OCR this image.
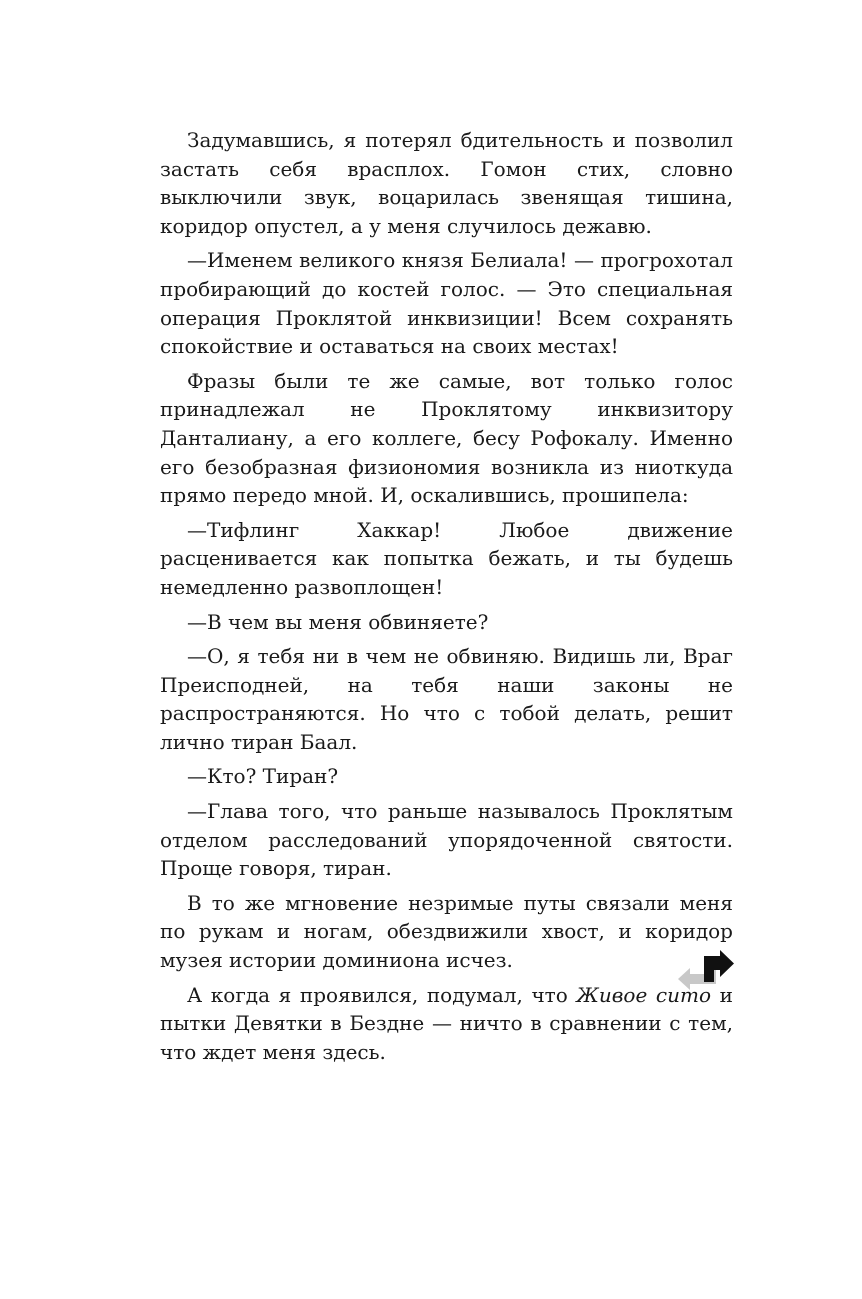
Задумавшись, я потерял бдительность и позволил застать себя врасплох. Гомон стих, словно выключили звук, воцарилась звенящая тишина, коридор опустел, а у меня случилось дежавю.

—Именем великого князя Белиала! — прогрохотал пробирающий до костей голос. — Это специальная операция Проклятой инквизиции! Всем сохранять спокойствие и оставаться на своих местах!

Фразы были те же самые, вот только голос принадлежал не Проклятому инквизитору Данталиану, а его коллеге, бесу Рофокалу. Именно его безобразная физиономия возникла из ниоткуда прямо передо мной. И, оскалившись, прошипела:

—Тифлинг Хаккар! Любое движение расценивается как попытка бежать, и ты будешь немедленно развоплощен!

—В чем вы меня обвиняете?

—О, я тебя ни в чем не обвиняю. Видишь ли, Враг Преисподней, на тебя наши законы не распространяются. Но что с тобой делать, решит лично тиран Баал.

—Кто? Тиран?

—Глава того, что раньше называлось Проклятым отделом расследований упорядоченной святости. Проще говоря, тиран.

В то же мгновение незримые путы связали меня по рукам и ногам, обездвижили хвост, и коридор музея истории доминиона исчез.

А когда я проявился, подумал, что Живое сито и пытки Девятки в Бездне — ничто в сравнении с тем, что ждет меня здесь.
